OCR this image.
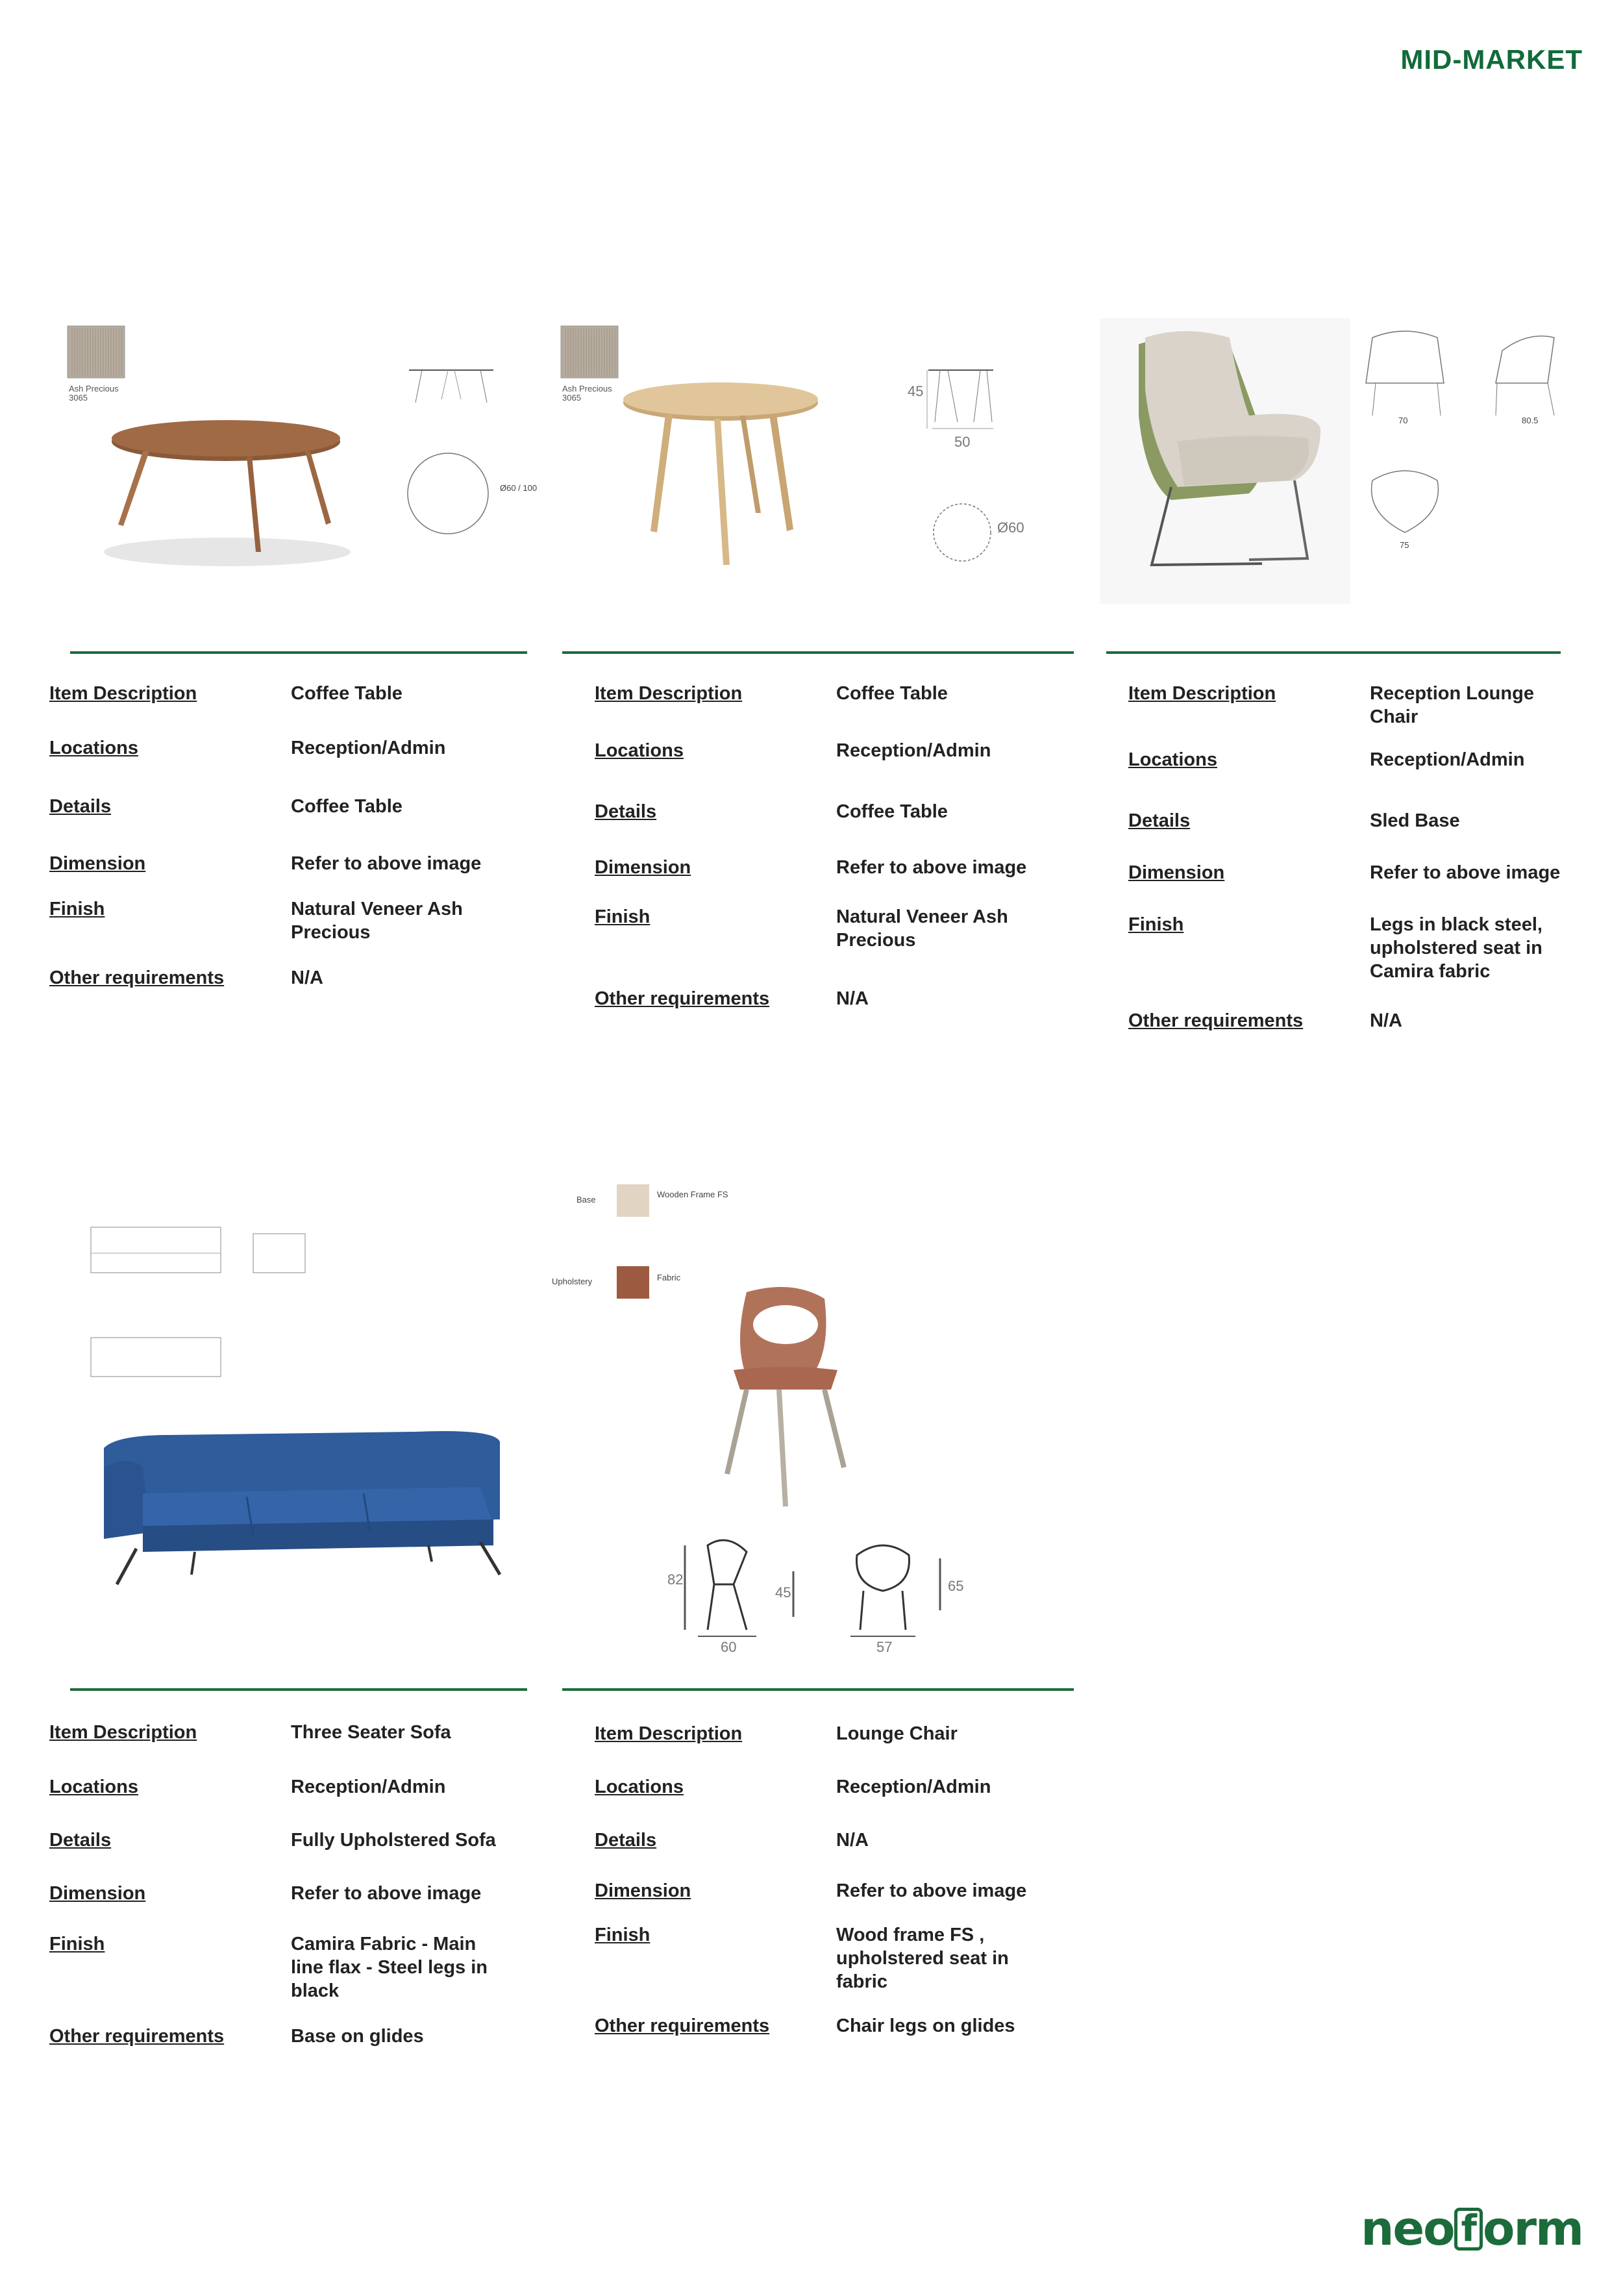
MID-MARKET
Ash Precious 3065
Ø60 / 100
Item Description	Coffee Table
Locations	Reception/Admin
Details	Coffee Table
Dimension	Refer to above image
Finish	Natural Veneer Ash Precious
Other requirements	N/A
Ash Precious 3065	45
50
Ø60
Item Description	Coffee Table
Locations	Reception/Admin
Details	Coffee Table
Dimension	Refer to above image
Finish	Natural Veneer Ash Precious
Other requirements	N/A
70	80.5
75
Item Description	Reception Lounge Chair
Locations	Reception/Admin
Details	Sled Base
Dimension	Refer to above image
Finish	Legs in black steel, upholstered seat in Camira fabric
Other requirements	N/A
Item Description	Three Seater Sofa
Locations	Reception/Admin
Details	Fully Upholstered Sofa
Dimension	Refer to above image
Finish	Camira Fabric - Main line flax - Steel legs in black
Other requirements	Base on glides
Base
Wooden Frame FS
Upholstery	Fabric
82
45
60	57
65
Item Description	Lounge Chair
Locations	Reception/Admin
Details	N/A
Dimension	Refer to above image
Finish	Wood frame FS , upholstered seat in fabric
Other requirements	Chair legs on glides
neo f orm
